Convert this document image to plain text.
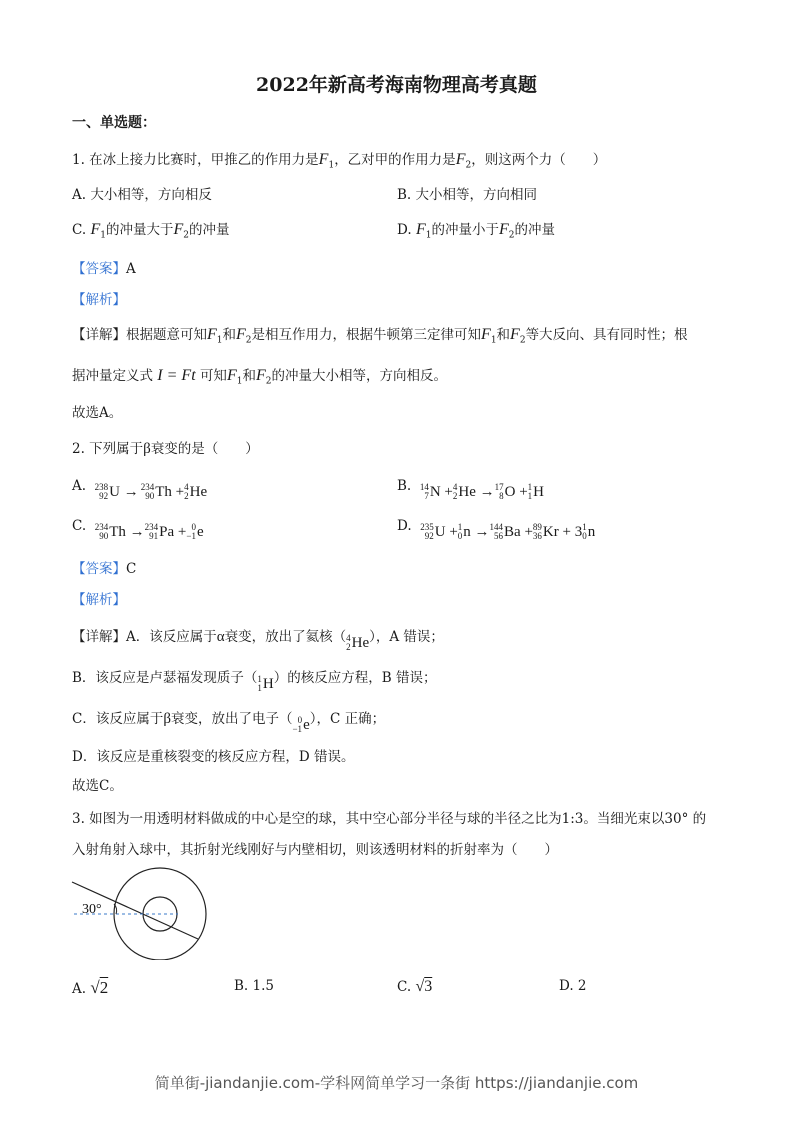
2022年新高考海南物理高考真题
一、单选题：
1. 在冰上接力比赛时，甲推乙的作用力是$F_1$，乙对甲的作用力是$F_2$，则这两个力（　　）
A. 大小相等，方向相反	B. 大小相等，方向相同
C. $F_1$的冲量大于$F_2$的冲量	D. $F_1$的冲量小于$F_2$的冲量
【答案】A
【解析】
【详解】根据题意可知$F_1$和$F_2$是相互作用力，根据牛顿第三定律可知$F_1$和$F_2$等大反向、具有同时性；根
据冲量定义式 I = Ft 可知$F_1$和$F_2$的冲量大小相等，方向相反。
故选A。
2. 下列属于β衰变的是（　　）
A. 238
92 U → 234
90 Th + 4
2 He	B. 14
7 N + 4
2 He → 17
8 O + 1
1 H
C. 234
90 Th → 234
91 Pa + 0
−1 e	D. 235
92 U + 1
0 n → 144
56 Ba + 89
36 Kr + 3 1
0 n
【答案】C
【解析】
【详解】A．该反应属于α衰变，放出了氦核（ 4
2 He），A 错误；
B．该反应是卢瑟福发现质子（ 1
1 H）的核反应方程，B 错误；
C．该反应属于β衰变，放出了电子（ 0
−1 e），C 正确；
D．该反应是重核裂变的核反应方程，D 错误。
故选C。
3. 如图为一用透明材料做成的中心是空的球，其中空心部分半径与球的半径之比为1:3。当细光束以30° 的
入射角射入球中，其折射光线刚好与内壁相切，则该透明材料的折射率为（　　）
30°
A. √2	B. 1.5	C. √3	D. 2
简单街-jiandanjie.com-学科网简单学习一条街 https://jiandanjie.com
